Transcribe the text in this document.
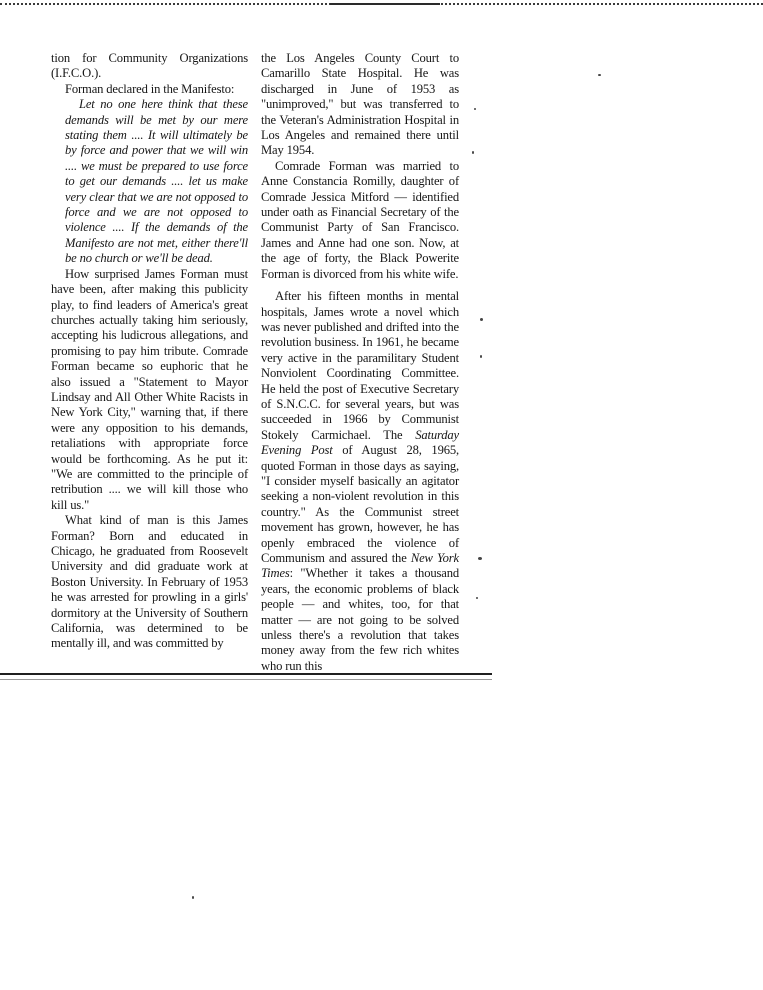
tion for Community Organizations (I.F.C.O.).

Forman declared in the Manifesto:

Let no one here think that these demands will be met by our mere stating them .... It will ultimately be by force and power that we will win .... we must be prepared to use force to get our demands .... let us make very clear that we are not opposed to force and we are not opposed to violence .... If the demands of the Manifesto are not met, either there'll be no church or we'll be dead.

How surprised James Forman must have been, after making this publicity play, to find leaders of America's great churches actually taking him seriously, accepting his ludicrous allegations, and promising to pay him tribute. Comrade Forman became so euphoric that he also issued a "Statement to Mayor Lindsay and All Other White Racists in New York City," warning that, if there were any opposition to his demands, retaliations with appropriate force would be forthcoming. As he put it: "We are committed to the principle of retribution .... we will kill those who kill us."

What kind of man is this James Forman? Born and educated in Chicago, he graduated from Roosevelt University and did graduate work at Boston University. In February of 1953 he was arrested for prowling in a girls' dormitory at the University of Southern California, was determined to be mentally ill, and was committed by

the Los Angeles County Court to Camarillo State Hospital. He was discharged in June of 1953 as "unimproved," but was transferred to the Veteran's Administration Hospital in Los Angeles and remained there until May 1954.

Comrade Forman was married to Anne Constancia Romilly, daughter of Comrade Jessica Mitford — identified under oath as Financial Secretary of the Communist Party of San Francisco. James and Anne had one son. Now, at the age of forty, the Black Powerite Forman is divorced from his white wife.

After his fifteen months in mental hospitals, James wrote a novel which was never published and drifted into the revolution business. In 1961, he became very active in the paramilitary Student Nonviolent Coordinating Committee. He held the post of Executive Secretary of S.N.C.C. for several years, but was succeeded in 1966 by Communist Stokely Carmichael. The Saturday Evening Post of August 28, 1965, quoted Forman in those days as saying, "I consider myself basically an agitator seeking a non-violent revolution in this country." As the Communist street movement has grown, however, he has openly embraced the violence of Communism and assured the New York Times: "Whether it takes a thousand years, the economic problems of black people — and whites, too, for that matter — are not going to be solved unless there's a revolution that takes money away from the few rich whites who run this
